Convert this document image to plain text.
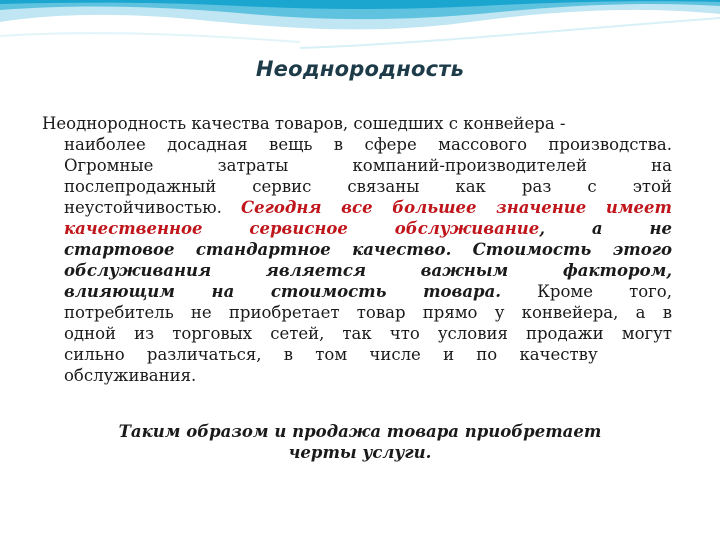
Неоднородность
Неоднородность качества товаров, сошедших с конвейера -
наиболее досадная вещь в сфере массового производства.
Огромные затраты компаний-производителей на
послепродажный сервис связаны как раз с этой
неустойчивостью. Сегодня все большее значение имеет
качественное сервисное обслуживание, а не
стартовое стандартное качество. Стоимость этого
обслуживания является важным фактором,
влияющим на стоимость товара. Кроме того,
потребитель не приобретает товар прямо у конвейера, а в
одной из торговых сетей, так что условия продажи могут
сильно различаться, в том числе и по качеству
обслуживания.
Таким образом и продажа товара приобретает
черты услуги.
